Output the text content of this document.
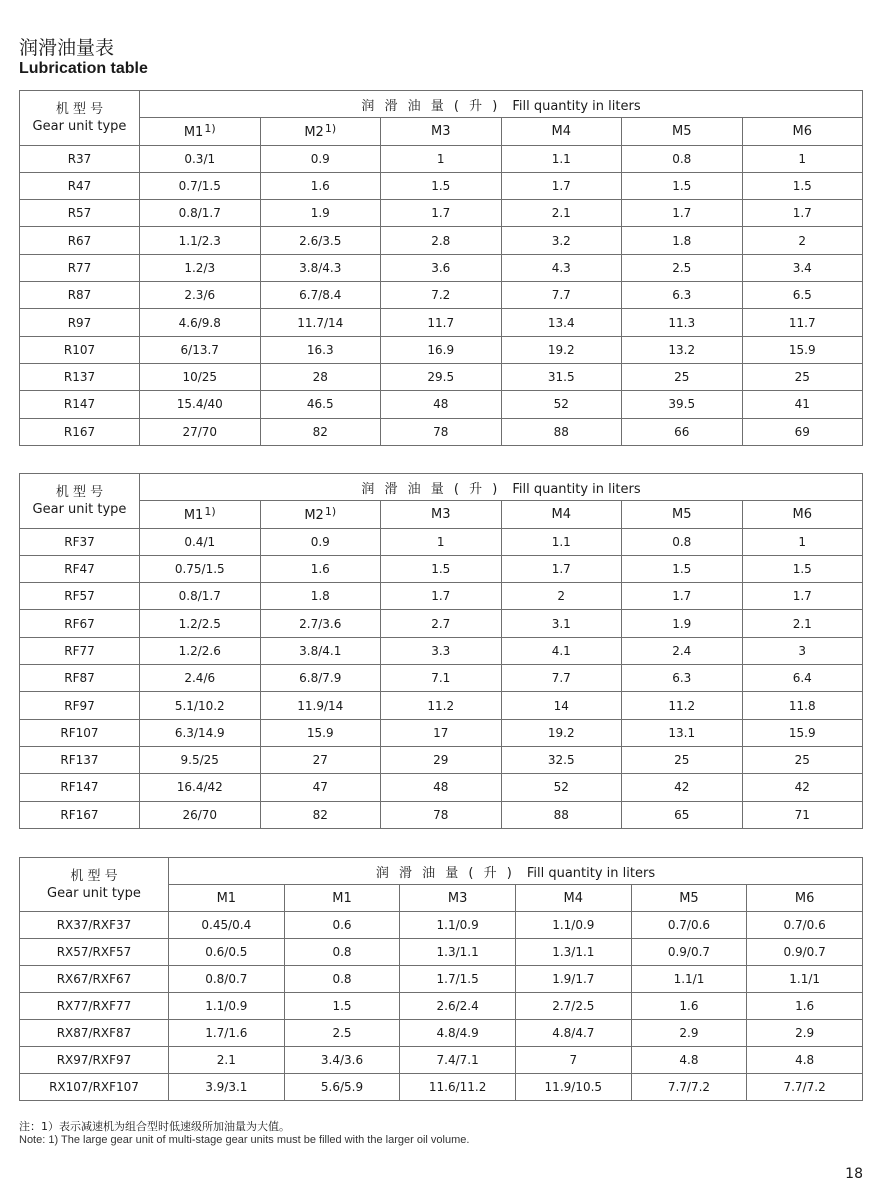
润滑油量表
Lubrication table
机 型 号
Gear unit type	润 滑 油 量 ( 升 ) Fill quantity in liters					
	M1$^{1)}$	M2$^{1)}$	M3	M4	M5	M6
R37	0.3/1	0.9	1	1.1	0.8	1
R47	0.7/1.5	1.6	1.5	1.7	1.5	1.5
R57	0.8/1.7	1.9	1.7	2.1	1.7	1.7
R67	1.1/2.3	2.6/3.5	2.8	3.2	1.8	2
R77	1.2/3	3.8/4.3	3.6	4.3	2.5	3.4
R87	2.3/6	6.7/8.4	7.2	7.7	6.3	6.5
R97	4.6/9.8	11.7/14	11.7	13.4	11.3	11.7
R107	6/13.7	16.3	16.9	19.2	13.2	15.9
R137	10/25	28	29.5	31.5	25	25
R147	15.4/40	46.5	48	52	39.5	41
R167	27/70	82	78	88	66	69
机 型 号
Gear unit type	润 滑 油 量 ( 升 ) Fill quantity in liters					
	M1$^{1)}$	M2$^{1)}$	M3	M4	M5	M6
RF37	0.4/1	0.9	1	1.1	0.8	1
RF47	0.75/1.5	1.6	1.5	1.7	1.5	1.5
RF57	0.8/1.7	1.8	1.7	2	1.7	1.7
RF67	1.2/2.5	2.7/3.6	2.7	3.1	1.9	2.1
RF77	1.2/2.6	3.8/4.1	3.3	4.1	2.4	3
RF87	2.4/6	6.8/7.9	7.1	7.7	6.3	6.4
RF97	5.1/10.2	11.9/14	11.2	14	11.2	11.8
RF107	6.3/14.9	15.9	17	19.2	13.1	15.9
RF137	9.5/25	27	29	32.5	25	25
RF147	16.4/42	47	48	52	42	42
RF167	26/70	82	78	88	65	71
机 型 号
Gear unit type	润 滑 油 量 ( 升 ) Fill quantity in liters					
	M1	M1	M3	M4	M5	M6
RX37/RXF37	0.45/0.4	0.6	1.1/0.9	1.1/0.9	0.7/0.6	0.7/0.6
RX57/RXF57	0.6/0.5	0.8	1.3/1.1	1.3/1.1	0.9/0.7	0.9/0.7
RX67/RXF67	0.8/0.7	0.8	1.7/1.5	1.9/1.7	1.1/1	1.1/1
RX77/RXF77	1.1/0.9	1.5	2.6/2.4	2.7/2.5	1.6	1.6
RX87/RXF87	1.7/1.6	2.5	4.8/4.9	4.8/4.7	2.9	2.9
RX97/RXF97	2.1	3.4/3.6	7.4/7.1	7	4.8	4.8
RX107/RXF107	3.9/3.1	5.6/5.9	11.6/11.2	11.9/10.5	7.7/7.2	7.7/7.2
注：1）表示减速机为组合型时低速级所加油量为大值。
Note: 1) The large gear unit of multi-stage gear units must be filled with the larger oil volume.
18
